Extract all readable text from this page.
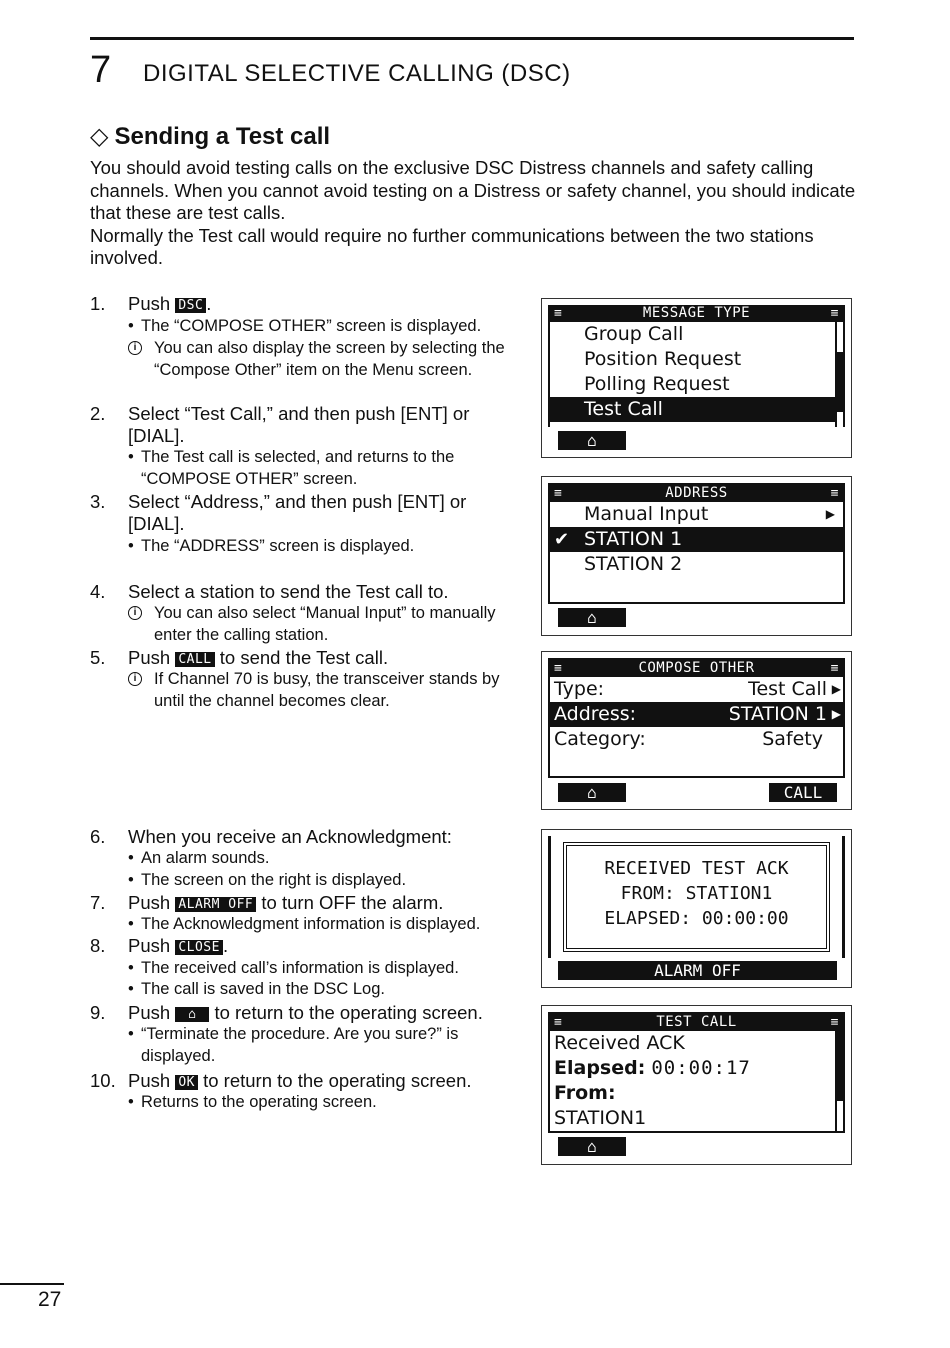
7 DIGITAL SELECTIVE CALLING (DSC)
◇ Sending a Test call

You should avoid testing calls on the exclusive DSC Distress channels and safety calling channels. When you cannot avoid testing on a Distress or safety channel, you should indicate that these are test calls.

Normally the Test call would require no further communications between the two stations involved.

1. Push DSC .
• The “COMPOSE OTHER” screen is displayed.
i	You can also display the screen by selecting the “Compose Other” item on the Menu screen.
2. Select “Test Call,” and then push [ENT] or [DIAL].
• The Test call is selected, and returns to the “COMPOSE OTHER” screen.
3. Select “Address,” and then push [ENT] or [DIAL].
• The “ADDRESS” screen is displayed.
4. Select a station to send the Test call to.
i	You can also select “Manual Input” to manually enter the calling station.
5. Push CALL to send the Test call.
i	If Channel 70 is busy, the transceiver stands by until the channel becomes clear.
6. When you receive an Acknowledgment:
• An alarm sounds.
• The screen on the right is displayed.
7. Push ALARM OFF to turn OFF the alarm.
• The Acknowledgment information is displayed.
8. Push CLOSE .
• The received call’s information is displayed.
• The call is saved in the DSC Log.
9. Push ⌂ to return to the operating screen.
• “Terminate the procedure. Are you sure?” is displayed.
10. Push OK to return to the operating screen.
• Returns to the operating screen.
≡	MESSAGE TYPE	≡
Group Call
Position Request
Polling Request
Test Call
⌂
≡	ADDRESS	≡
Manual Input	▶
✔ STATION 1
STATION 2
⌂
≡	COMPOSE OTHER	≡
Type:	Test Call ▶
Address:	STATION 1 ▶
Category:	Safety
⌂	CALL
RECEIVED TEST ACK
FROM: STATION1
ELAPSED: 00:00:00
ALARM OFF
≡	TEST CALL	≡
Received ACK
Elapsed: 00:00:17
From:
STATION1
⌂
27
